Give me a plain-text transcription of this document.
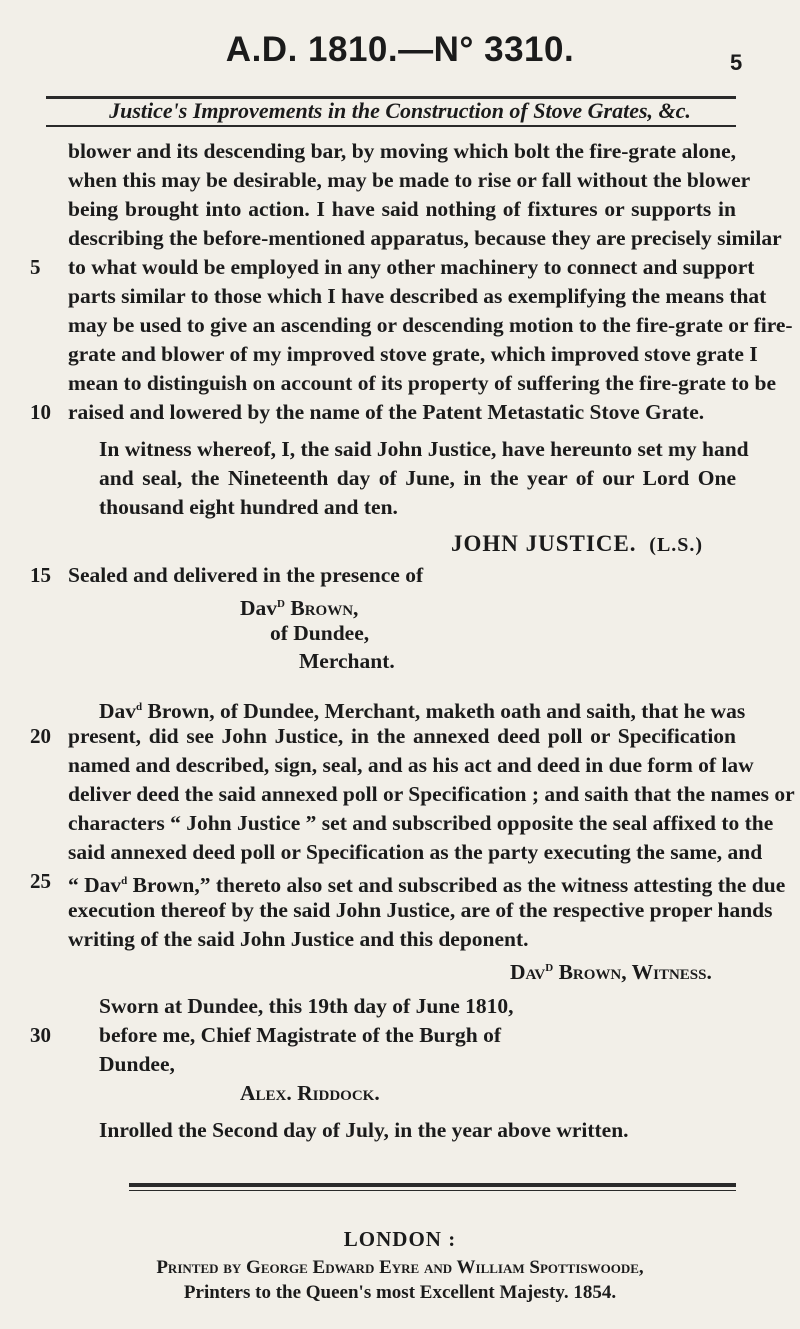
A.D. 1810.—N° 3310.	5
Justice's Improvements in the Construction of Stove Grates, &c.
blower and its descending bar, by moving which bolt the fire-grate alone,
when this may be desirable, may be made to rise or fall without the blower
being brought into action. I have said nothing of fixtures or supports in
describing the before-mentioned apparatus, because they are precisely similar
to what would be employed in any other machinery to connect and support
parts similar to those which I have described as exemplifying the means that
may be used to give an ascending or descending motion to the fire-grate or fire-
grate and blower of my improved stove grate, which improved stove grate I
mean to distinguish on account of its property of suffering the fire-grate to be
raised and lowered by the name of the Patent Metastatic Stove Grate.
In witness whereof, I, the said John Justice, have hereunto set my hand
and seal, the Nineteenth day of June, in the year of our Lord One
thousand eight hundred and ten.
JOHN JUSTICE. (L.S.)
Sealed and delivered in the presence of
Dav$^D$ Brown,
of Dundee,
Merchant.
Dav$^d$ Brown, of Dundee, Merchant, maketh oath and saith, that he was
present, did see John Justice, in the annexed deed poll or Specification
named and described, sign, seal, and as his act and deed in due form of law
deliver deed the said annexed poll or Specification ; and saith that the names or
characters “ John Justice ” set and subscribed opposite the seal affixed to the
said annexed deed poll or Specification as the party executing the same, and
“ Dav$^d$ Brown,” thereto also set and subscribed as the witness attesting the due
execution thereof by the said John Justice, are of the respective proper hands
writing of the said John Justice and this deponent.
Dav$^D$ Brown, Witness.
Sworn at Dundee, this 19th day of June 1810,
before me, Chief Magistrate of the Burgh of
Dundee,
Alex. Riddock.
Inrolled the Second day of July, in the year above written.
5
10
15
20
25
30
LONDON :
Printed by George Edward Eyre and William Spottiswoode,
Printers to the Queen's most Excellent Majesty. 1854.
